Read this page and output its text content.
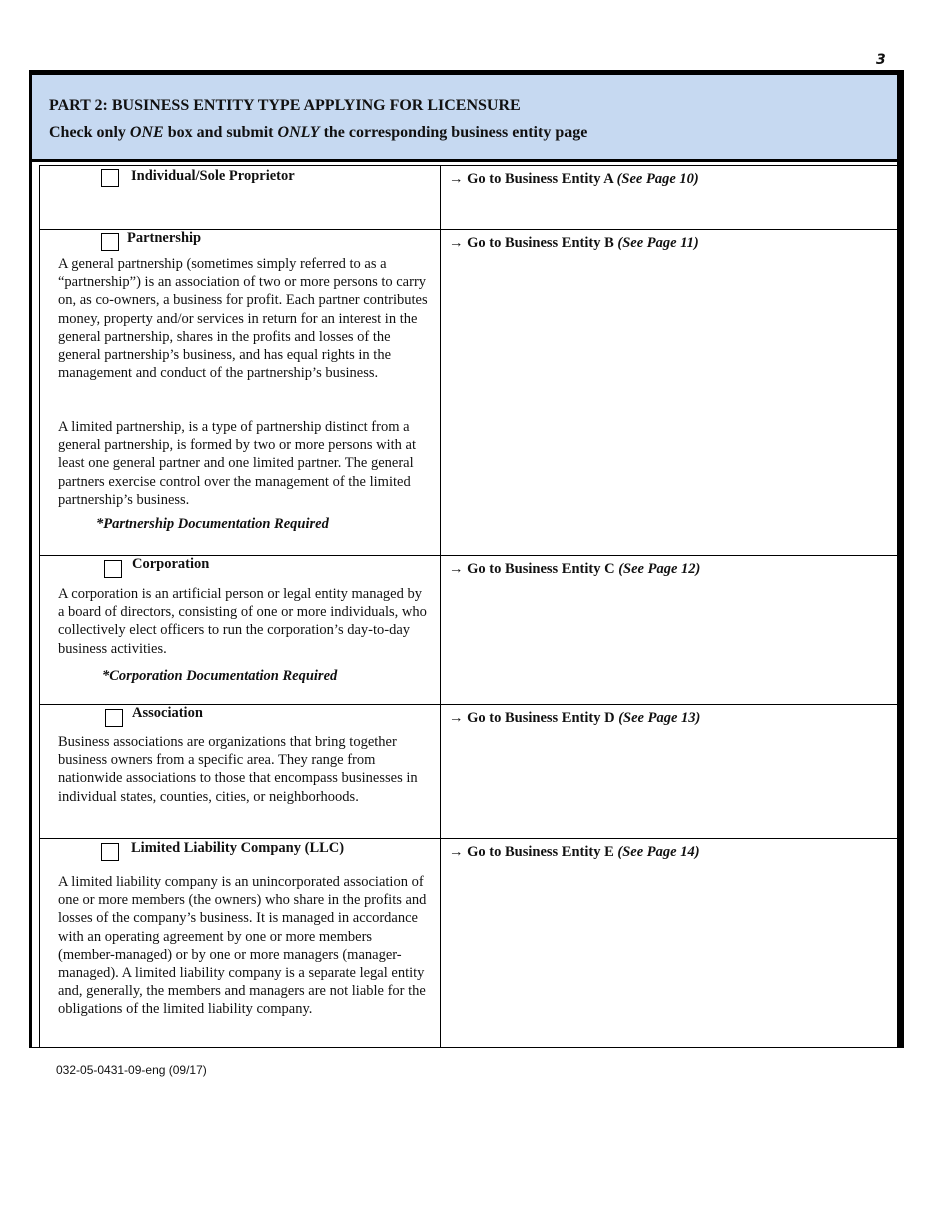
3
PART 2: BUSINESS ENTITY TYPE APPLYING FOR LICENSURE
Check only ONE box and submit ONLY the corresponding business entity page
Individual/Sole Proprietor	→ Go to Business Entity A (See Page 10)
Partnership
A general partnership (sometimes simply referred to as a “partnership”) is an association of two or more persons to carry on, as co-owners, a business for profit. Each partner contributes money, property and/or services in return for an interest in the general partnership, shares in the profits and losses of the general partnership’s business, and has equal rights in the management and conduct of the partnership’s business.
A limited partnership, is a type of partnership distinct from a general partnership, is formed by two or more persons with at least one general partner and one limited partner. The general partners exercise control over the management of the limited partnership’s business.
*Partnership Documentation Required
→ Go to Business Entity B (See Page 11)
Corporation
A corporation is an artificial person or legal entity managed by a board of directors, consisting of one or more individuals, who collectively elect officers to run the corporation’s day-to-day business activities.
*Corporation Documentation Required
→ Go to Business Entity C (See Page 12)
Association
Business associations are organizations that bring together business owners from a specific area. They range from nationwide associations to those that encompass businesses in individual states, counties, cities, or neighborhoods.
→ Go to Business Entity D (See Page 13)
Limited Liability Company (LLC)
A limited liability company is an unincorporated association of one or more members (the owners) who share in the profits and losses of the company’s business. It is managed in accordance with an operating agreement by one or more members (member-managed) or by one or more managers (manager-managed). A limited liability company is a separate legal entity and, generally, the members and managers are not liable for the obligations of the limited liability company.
→ Go to Business Entity E (See Page 14)
032-05-0431-09-eng (09/17)
